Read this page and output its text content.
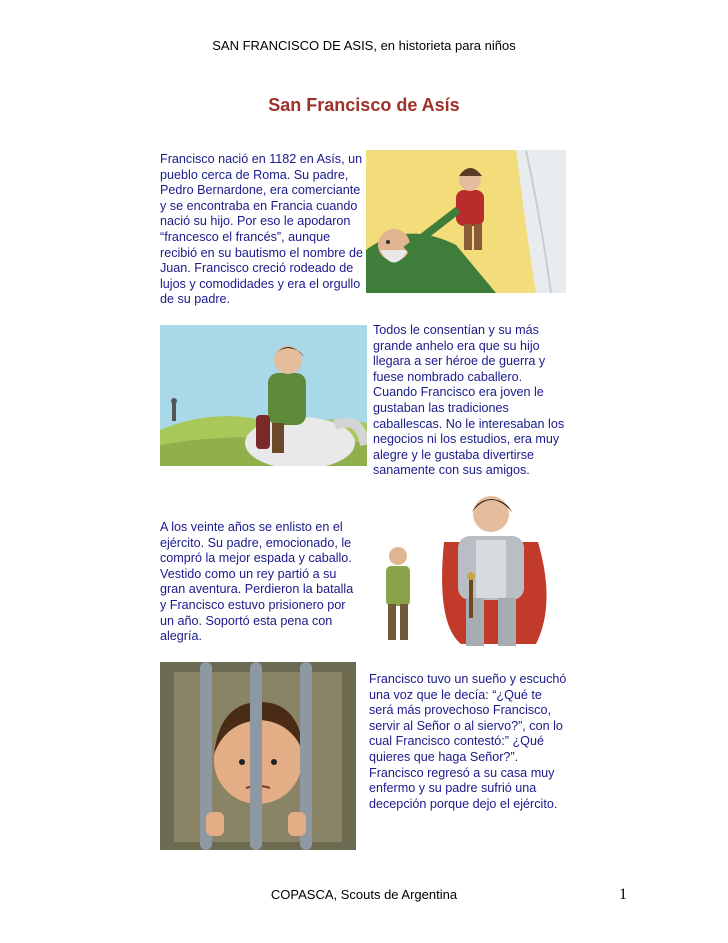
SAN FRANCISCO DE ASIS, en historieta para niños
San Francisco de Asís
Francisco nació en 1182 en Asís, un pueblo cerca de Roma. Su padre, Pedro Bernardone, era comerciante y se encontraba en Francia cuando nació su hijo. Por eso le apodaron “francesco el francés”, aunque recibió en su bautismo el nombre de Juan. Francisco creció rodeado de lujos y comodidades y era el orgullo de su padre.
Todos le consentían y su más grande anhelo era que su hijo llegara a ser héroe de guerra y fuese nombrado caballero. Cuando Francisco era joven le gustaban las tradiciones caballescas. No le interesaban los negocios ni los estudios, era muy alegre y le gustaba divertirse sanamente con sus amigos.
A los veinte años se enlisto en el ejército. Su padre, emocionado, le compró la mejor espada y caballo. Vestido como un rey partió a su gran aventura. Perdieron la batalla y Francisco estuvo prisionero por un año. Soportó esta pena con alegría.
Francisco tuvo un sueño y escuchó una voz que le decía: “¿Qué te será más provechoso Francisco, servir al Señor o al siervo?”, con lo cual Francisco contestó:” ¿Qué quieres que haga Señor?”. Francisco regresó a su casa muy enfermo y su padre sufrió una decepción porque dejo el ejército.
COPASCA, Scouts de Argentina	1
